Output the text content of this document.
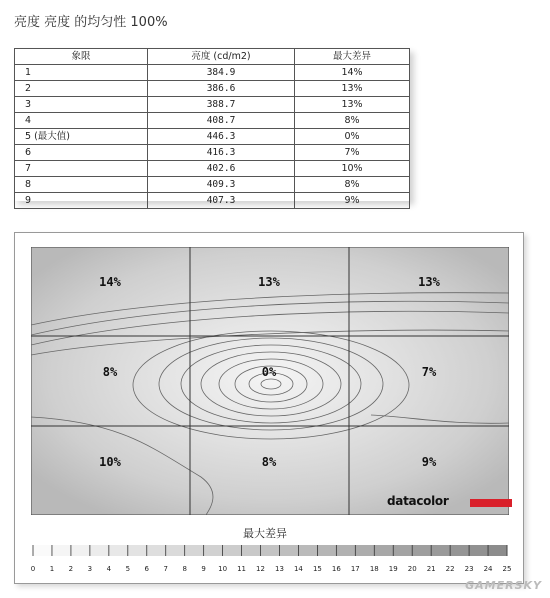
亮度 亮度 的均匀性 100%
象限	亮度 (cd/m2)	最大差异
1	384.9	14%
2	386.6	13%
3	388.7	13%
4	408.7	8%
5 (最大值)	446.3	0%
6	416.3	7%
7	402.6	10%
8	409.3	8%
9	407.3	9%
14%	13%	13%
8%	0%	7%
10%	8%	9%
datacolor
最大差异
0 1 2 3 4 5 6 7 8 9 10 11 12 13 14 15 16 17 18 19 20 21 22 23 24 25
GAMERSKY
